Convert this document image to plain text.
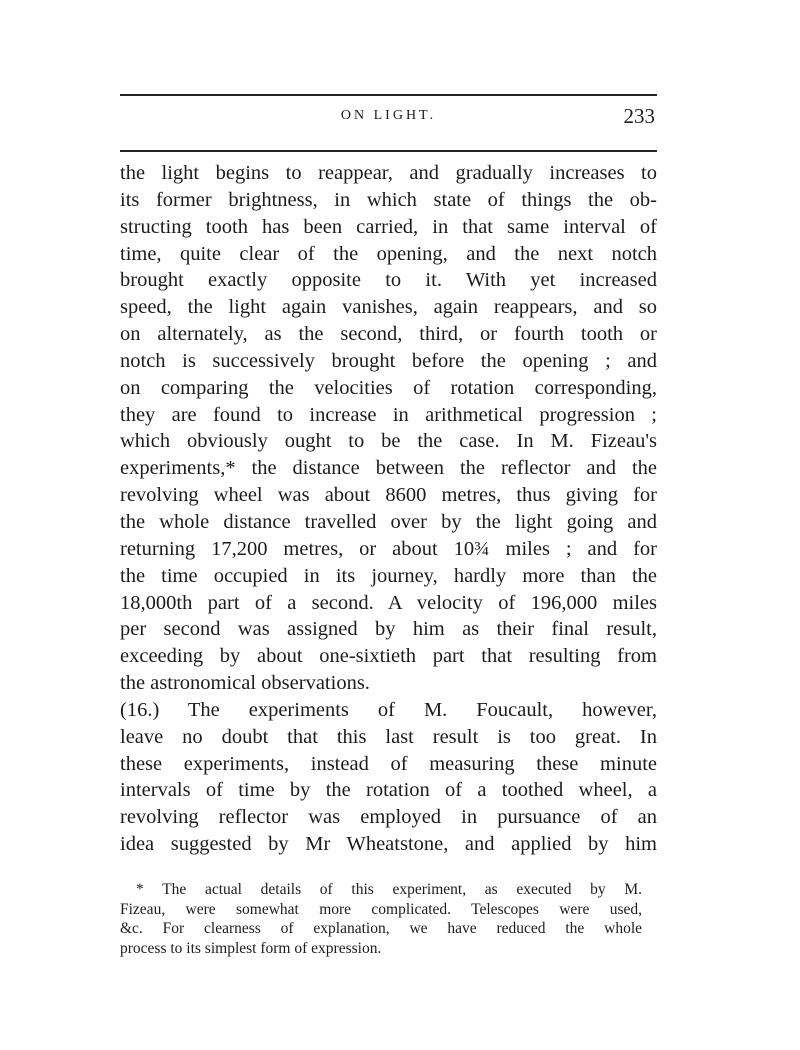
ON LIGHT.	233
the light begins to reappear, and gradually increases to
its former brightness, in which state of things the ob-
structing tooth has been carried, in that same interval of
time, quite clear of the opening, and the next notch
brought exactly opposite to it. With yet increased
speed, the light again vanishes, again reappears, and so
on alternately, as the second, third, or fourth tooth or
notch is successively brought before the opening ; and
on comparing the velocities of rotation corresponding,
they are found to increase in arithmetical progression ;
which obviously ought to be the case. In M. Fizeau's
experiments,* the distance between the reflector and the
revolving wheel was about 8600 metres, thus giving for
the whole distance travelled over by the light going and
returning 17,200 metres, or about 10¾ miles ; and for
the time occupied in its journey, hardly more than the
18,000th part of a second. A velocity of 196,000 miles
per second was assigned by him as their final result,
exceeding by about one-sixtieth part that resulting from
the astronomical observations.
(16.) The experiments of M. Foucault, however,
leave no doubt that this last result is too great. In
these experiments, instead of measuring these minute
intervals of time by the rotation of a toothed wheel, a
revolving reflector was employed in pursuance of an
idea suggested by Mr Wheatstone, and applied by him
* The actual details of this experiment, as executed by M.
Fizeau, were somewhat more complicated. Telescopes were used,
&c. For clearness of explanation, we have reduced the whole
process to its simplest form of expression.
